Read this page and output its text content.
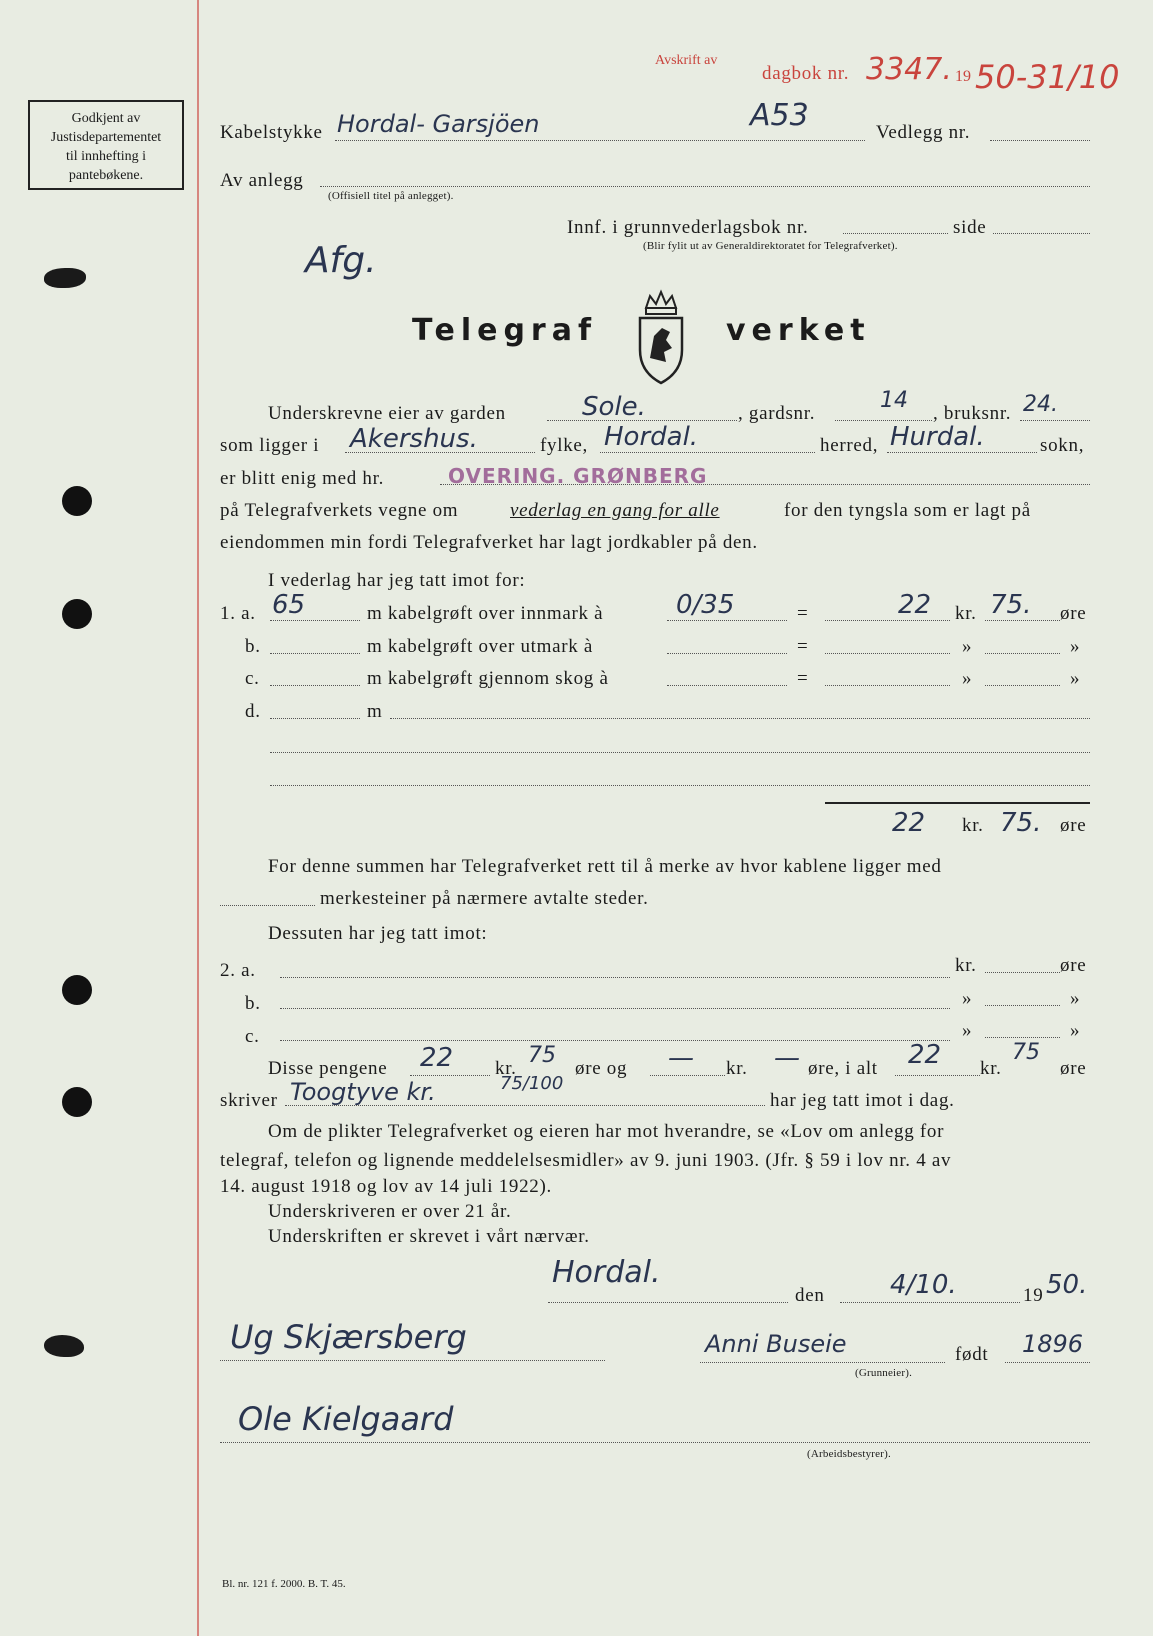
Godkjent av
Justisdepartementet
til innhefting i
pantebøkene.
Avskrift av
dagbok nr. 3347. 19 50-31/10
Kabelstykke Hordal- Garsjöen	A53	Vedlegg nr.
Av anlegg
(Offisiell titel på anlegget).
Afg.
Innf. i grunnvederlagsbok nr.	side
(Blir fylit ut av Generaldirektoratet for Telegrafverket).
Telegraf	verket
Underskrevne eier av garden	Sole.	, gardsnr.
14
, bruksnr. 24.
som ligger i Akershus.	fylke, Hordal.	herred, Hurdal.	sokn,
er blitt enig med hr.	OVERING. GRØNBERG
på Telegrafverkets vegne om	vederlag en gang for alle	for den tyngsla som er lagt på
eiendommen min fordi Telegrafverket har lagt jordkabler på den.
I vederlag har jeg tatt imot for:
1. a. 65	m kabelgrøft over innmark à	0/35	=	22 kr. 75. øre
b.	m kabelgrøft over utmark à	=	»	»
c.	m kabelgrøft gjennom skog à	=	»	»
d.	m
22 kr. 75. øre
For denne summen har Telegrafverket rett til å merke av hvor kablene ligger med
merkesteiner på nærmere avtalte steder.
Dessuten har jeg tatt imot:
2. a.	kr.	øre
b.	»	»
c.	»	»
Disse pengene 22 kr.
75
øre og — kr. — øre, i alt 22 kr.
75
øre
skriver Toogtyve kr.	75/100
har jeg tatt imot i dag.
Om de plikter Telegrafverket og eieren har mot hverandre, se «Lov om anlegg for
telegraf, telefon og lignende meddelelsesmidler» av 9. juni 1903. (Jfr. § 59 i lov nr. 4 av
14. august 1918 og lov av 14 juli 1922).
Underskriveren er over 21 år.
Underskriften er skrevet i vårt nærvær.
Hordal.
den	4/10.	19 50.
Ug Skjærsberg	Anni Buseie	født 1896
(Grunneier).
Ole Kielgaard
(Arbeidsbestyrer).
Bl. nr. 121 f. 2000. B. T. 45.
